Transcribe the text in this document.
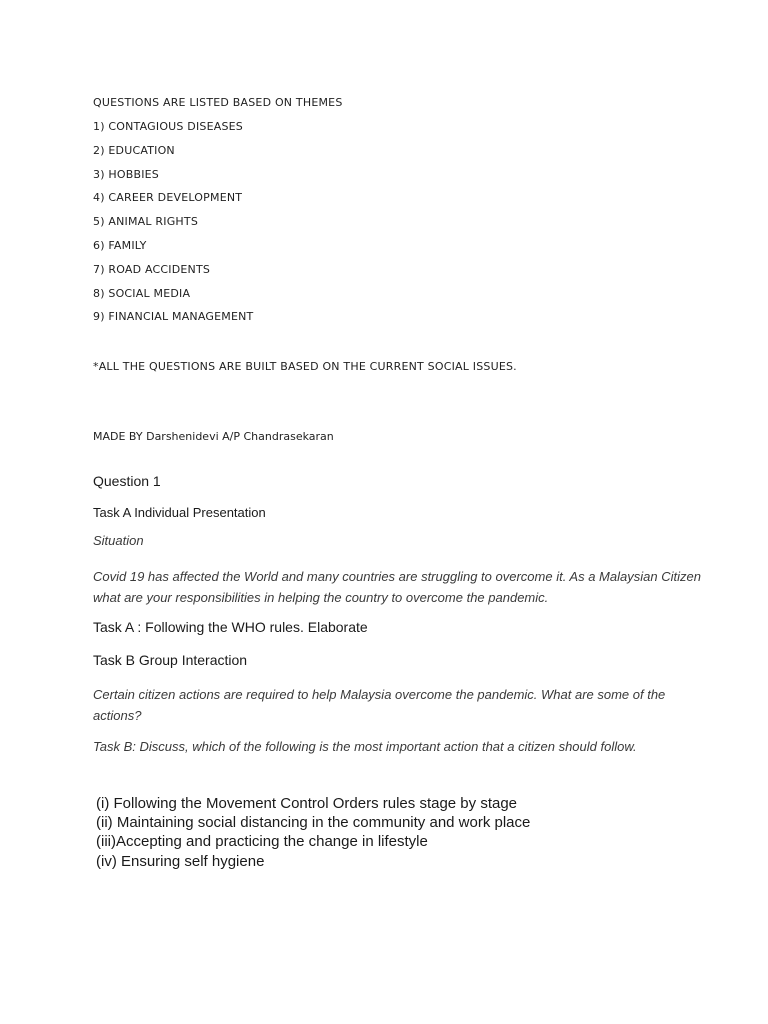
QUESTIONS ARE LISTED BASED ON THEMES

1) CONTAGIOUS DISEASES

2) EDUCATION

3) HOBBIES

4) CAREER DEVELOPMENT

5) ANIMAL RIGHTS

6) FAMILY

7) ROAD ACCIDENTS

8) SOCIAL MEDIA

9) FINANCIAL MANAGEMENT

*ALL THE QUESTIONS ARE BUILT BASED ON THE CURRENT SOCIAL ISSUES.

MADE BY Darshenidevi A/P Chandrasekaran

Question 1

Task A Individual Presentation

Situation

Covid 19 has affected the World and many countries are struggling to overcome it. As a Malaysian Citizen what are your responsibilities in helping the country to overcome the pandemic.

Task A : Following the WHO rules. Elaborate

Task B Group Interaction

Certain citizen actions are required to help Malaysia overcome the pandemic. What are some of the actions?

Task B: Discuss, which of the following is the most important action that a citizen should follow.

(i) Following the Movement Control Orders rules stage by stage

(ii) Maintaining social distancing in the community and work place

(iii)Accepting and practicing the change in lifestyle

(iv) Ensuring self hygiene
